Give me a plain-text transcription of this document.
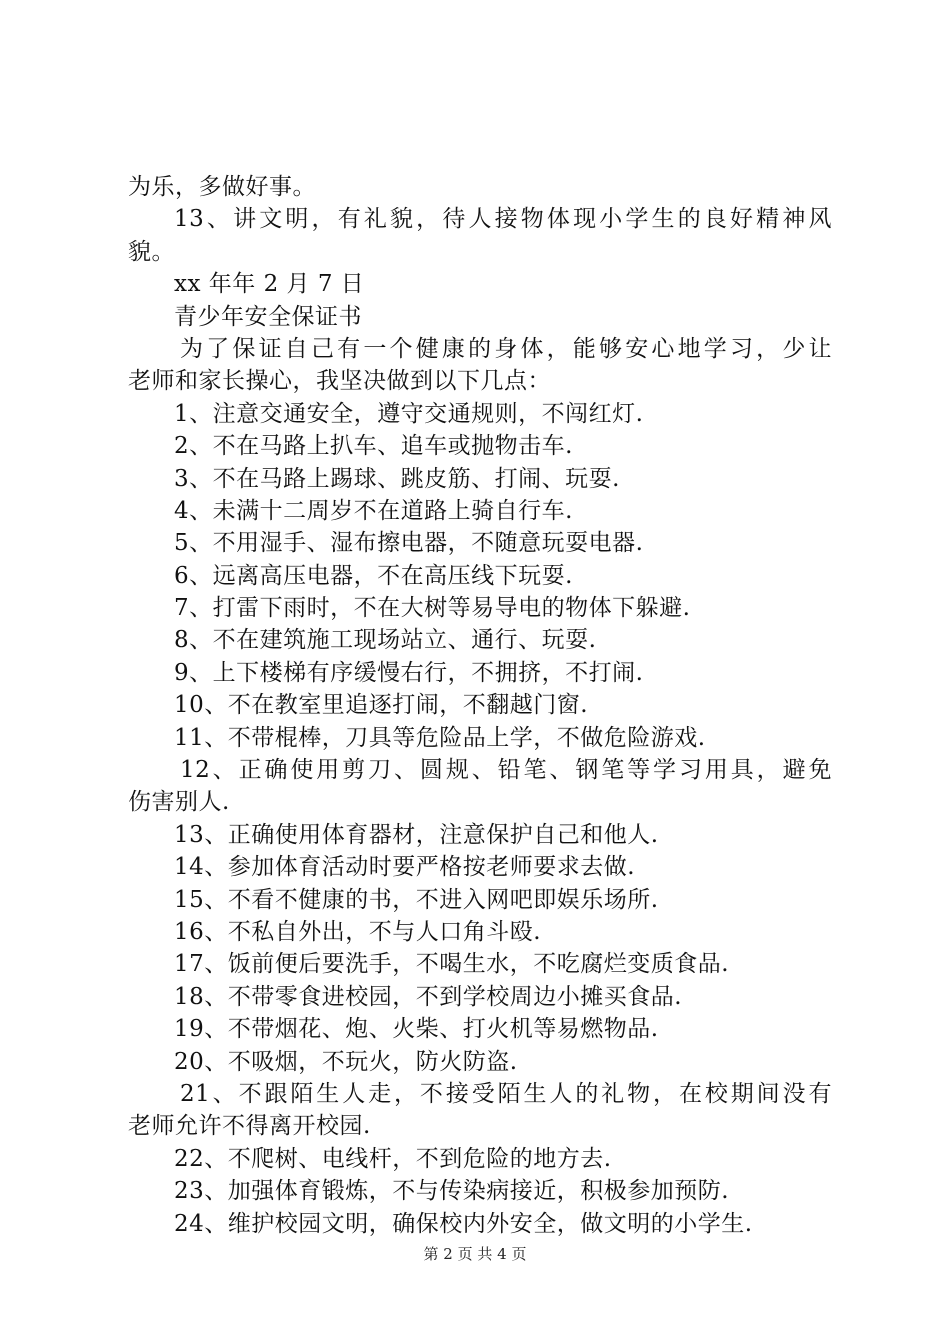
为乐，多做好事。
13、讲文明，有礼貌，待人接物体现小学生的良好精神风
貌。
xx 年年 2 月 7 日
青少年安全保证书
为了保证自己有一个健康的身体，能够安心地学习，少让
老师和家长操心，我坚决做到以下几点：
1、注意交通安全，遵守交通规则，不闯红灯.
2、不在马路上扒车、追车或抛物击车.
3、不在马路上踢球、跳皮筋、打闹、玩耍.
4、未满十二周岁不在道路上骑自行车.
5、不用湿手、湿布擦电器，不随意玩耍电器.
6、远离高压电器，不在高压线下玩耍.
7、打雷下雨时，不在大树等易导电的物体下躲避.
8、不在建筑施工现场站立、通行、玩耍.
9、上下楼梯有序缓慢右行，不拥挤，不打闹.
10、不在教室里追逐打闹，不翻越门窗.
11、不带棍棒，刀具等危险品上学，不做危险游戏.
12、正确使用剪刀、圆规、铅笔、钢笔等学习用具，避免
伤害别人.
13、正确使用体育器材，注意保护自己和他人.
14、参加体育活动时要严格按老师要求去做.
15、不看不健康的书，不进入网吧即娱乐场所.
16、不私自外出，不与人口角斗殴.
17、饭前便后要洗手，不喝生水，不吃腐烂变质食品.
18、不带零食进校园，不到学校周边小摊买食品.
19、不带烟花、炮、火柴、打火机等易燃物品.
20、不吸烟，不玩火，防火防盗.
21、不跟陌生人走，不接受陌生人的礼物，在校期间没有
老师允许不得离开校园.
22、不爬树、电线杆，不到危险的地方去.
23、加强体育锻炼，不与传染病接近，积极参加预防.
24、维护校园文明，确保校内外安全，做文明的小学生.
第 2 页 共 4 页
